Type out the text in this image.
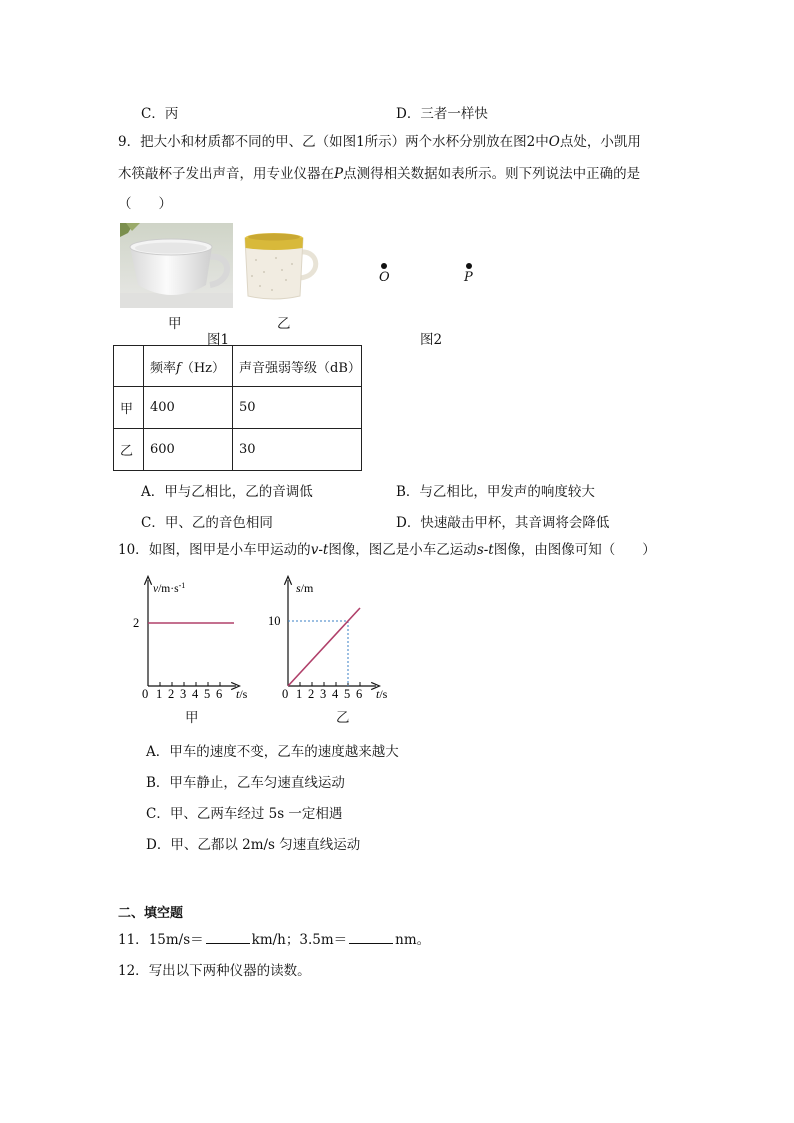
C．丙	D．三者一样快
9．把大小和材质都不同的甲、乙（如图1所示）两个水杯分别放在图2中O点处，小凯用
木筷敲杯子发出声音，用专业仪器在P点测得相关数据如表所示。则下列说法中正确的是
（　　）
甲	乙
图1
O	P
图2
	频率f（Hz）	声音强弱等级（dB）
甲	400	50
乙	600	30
A．甲与乙相比，乙的音调低	B．与乙相比，甲发声的响度较大
C．甲、乙的音色相同	D．快速敲击甲杯，其音调将会降低
10．如图，图甲是小车甲运动的v-t图像，图乙是小车乙运动s-t图像，由图像可知（　　）
2
$v/m\cdot s^{-1}$
0 1 2 3 4 5 6 t/s
甲
10
s/m
0 1 2 3 4 5 6 t/s
乙
A．甲车的速度不变，乙车的速度越来越大
B．甲车静止，乙车匀速直线运动
C．甲、乙两车经过 5s 一定相遇
D．甲、乙都以 2m/s 匀速直线运动
二、填空题
11．15m/s＝	km/h；3.5m＝	nm。
12．写出以下两种仪器的读数。
